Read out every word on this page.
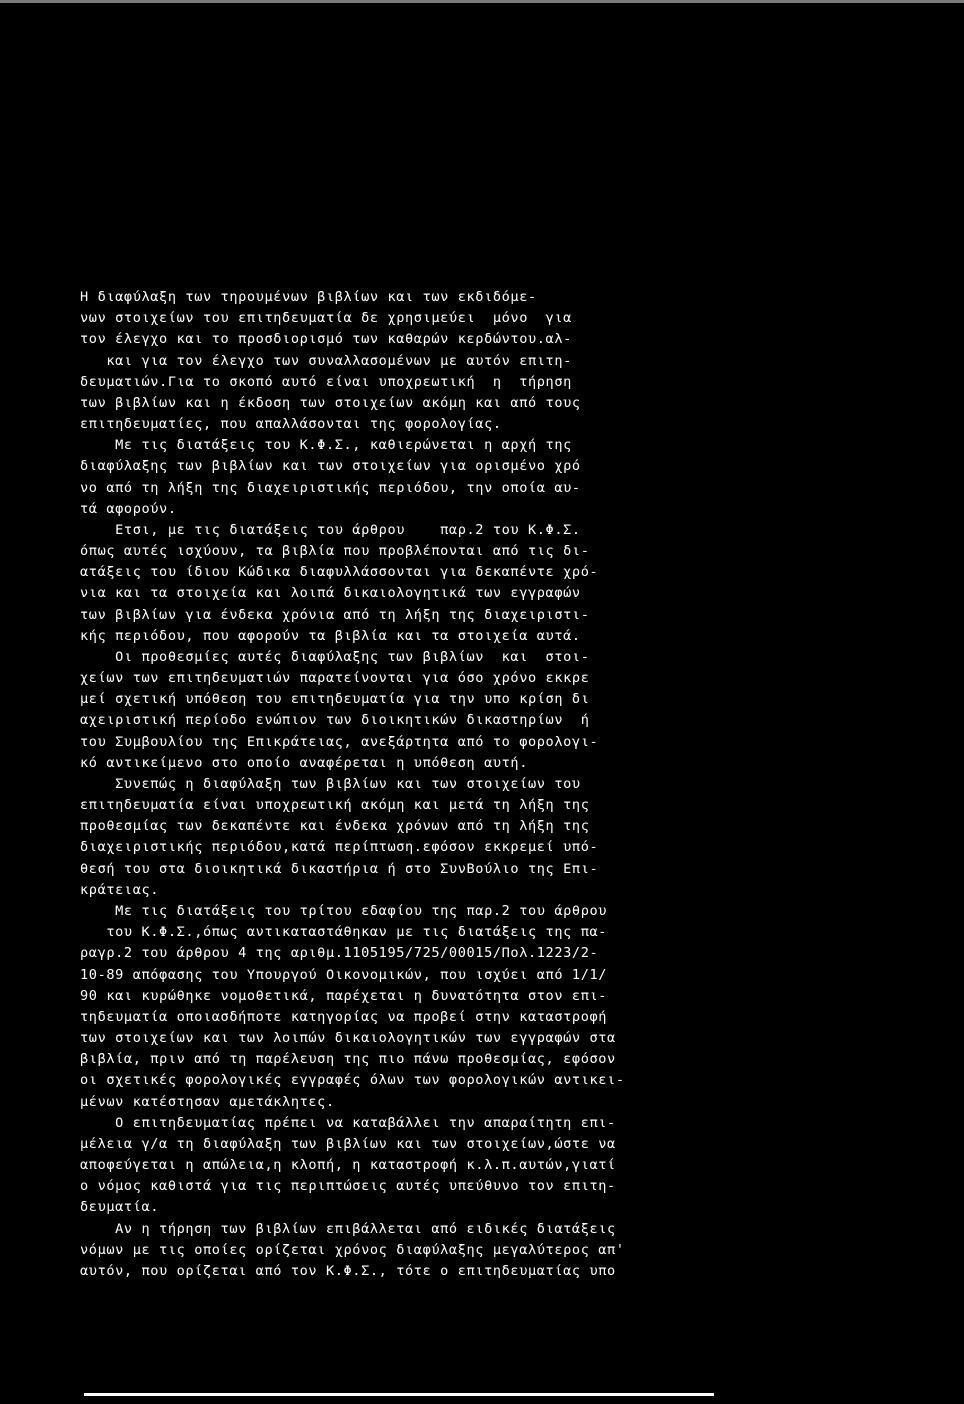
Η διαφύλαξη των τηρουμένων βιβλίων και των εκδιδόμε-
νων στοιχείων του επιτηδευματία δε χρησιμεύει  μόνο  για
τον έλεγχο και το προσδιορισμό των καθαρών κερδώντου.αλ-
και για τον έλεγχο των συναλλασομένων με αυτόν επιτη-
δευματιών.Για το σκοπό αυτό είναι υποχρεωτική  η  τήρηση
των βιβλίων και η έκδοση των στοιχείων ακόμη και από τους
επιτηδευματίες, που απαλλάσονται της φορολογίας.
Με τις διατάξεις του Κ.Φ.Σ., καθιερώνεται η αρχή της
διαφύλαξης των βιβλίων και των στοιχείων για ορισμένο χρό
νο από τη λήξη της διαχειριστικής περιόδου, την οποία αυ-
τά αφορούν.
Ετσι, με τις διατάξεις του άρθρου    παρ.2 του Κ.Φ.Σ.
όπως αυτές ισχύουν, τα βιβλία που προβλέπονται από τις δι-
ατάξεις του ίδιου Κώδικα διαφυλλάσσονται για δεκαπέντε χρό-
νια και τα στοιχεία και λοιπά δικαιολογητικά των εγγραφών
των βιβλίων για ένδεκα χρόνια από τη λήξη της διαχειριστι-
κής περιόδου, που αφορούν τα βιβλία και τα στοιχεία αυτά.
Οι προθεσμίες αυτές διαφύλαξης των βιβλίων  και  στοι-
χείων των επιτηδευματιών παρατείνονται για όσο χρόνο εκκρε
μεί σχετική υπόθεση του επιτηδευματία για την υπο κρίση δι
αχειριστική περίοδο ενώπιον των διοικητικών δικαστηρίων  ή
του Συμβουλίου της Επικράτειας, ανεξάρτητα από το φορολογι-
κό αντικείμενο στο οποίο αναφέρεται η υπόθεση αυτή.
Συνεπώς η διαφύλαξη των βιβλίων και των στοιχείων του
επιτηδευματία είναι υποχρεωτική ακόμη και μετά τη λήξη της
προθεσμίας των δεκαπέντε και ένδεκα χρόνων από τη λήξη της
διαχειριστικής περιόδου,κατά περίπτωση.εφόσον εκκρεμεί υπό-
θεσή του στα διοικητικά δικαστήρια ή στο ΣυνΒούλιο της Επι-
κράτειας.
Με τις διατάξεις του τρίτου εδαφίου της παρ.2 του άρθρου
του Κ.Φ.Σ.,όπως αντικαταστάθηκαν με τις διατάξεις της πα-
ραγρ.2 του άρθρου 4 της αριθμ.1105195/725/00015/Πολ.1223/2-
10-89 απόφασης του Υπουργού Οικονομικών, που ισχύει από 1/1/
90 και κυρώθηκε νομοθετικά, παρέχεται η δυνατότητα στον επι-
τηδευματία οποιασδήποτε κατηγορίας να προβεί στην καταστροφή
των στοιχείων και των λοιπών δικαιολογητικών των εγγραφών στα
βιβλία, πριν από τη παρέλευση της πιο πάνω προθεσμίας, εφόσον
οι σχετικές φορολογικές εγγραφές όλων των φορολογικών αντικει-
μένων κατέστησαν αμετάκλητες.
Ο επιτηδευματίας πρέπει να καταβάλλει την απαραίτητη επι-
μέλεια γ/α τη διαφύλαξη των βιβλίων και των στοιχείων,ώστε να
αποφεύγεται η απώλεια,η κλοπή, η καταστροφή κ.λ.π.αυτών,γιατί
ο νόμος καθιστά για τις περιπτώσεις αυτές υπεύθυνο τον επιτη-
δευματία.
Αν η τήρηση των βιβλίων επιβάλλεται από ειδικές διατάξεις
νόμων με τις οποίες ορίζεται χρόνος διαφύλαξης μεγαλύτερος απ'
αυτόν, που ορίζεται από τον Κ.Φ.Σ., τότε ο επιτηδευματίας υπο
